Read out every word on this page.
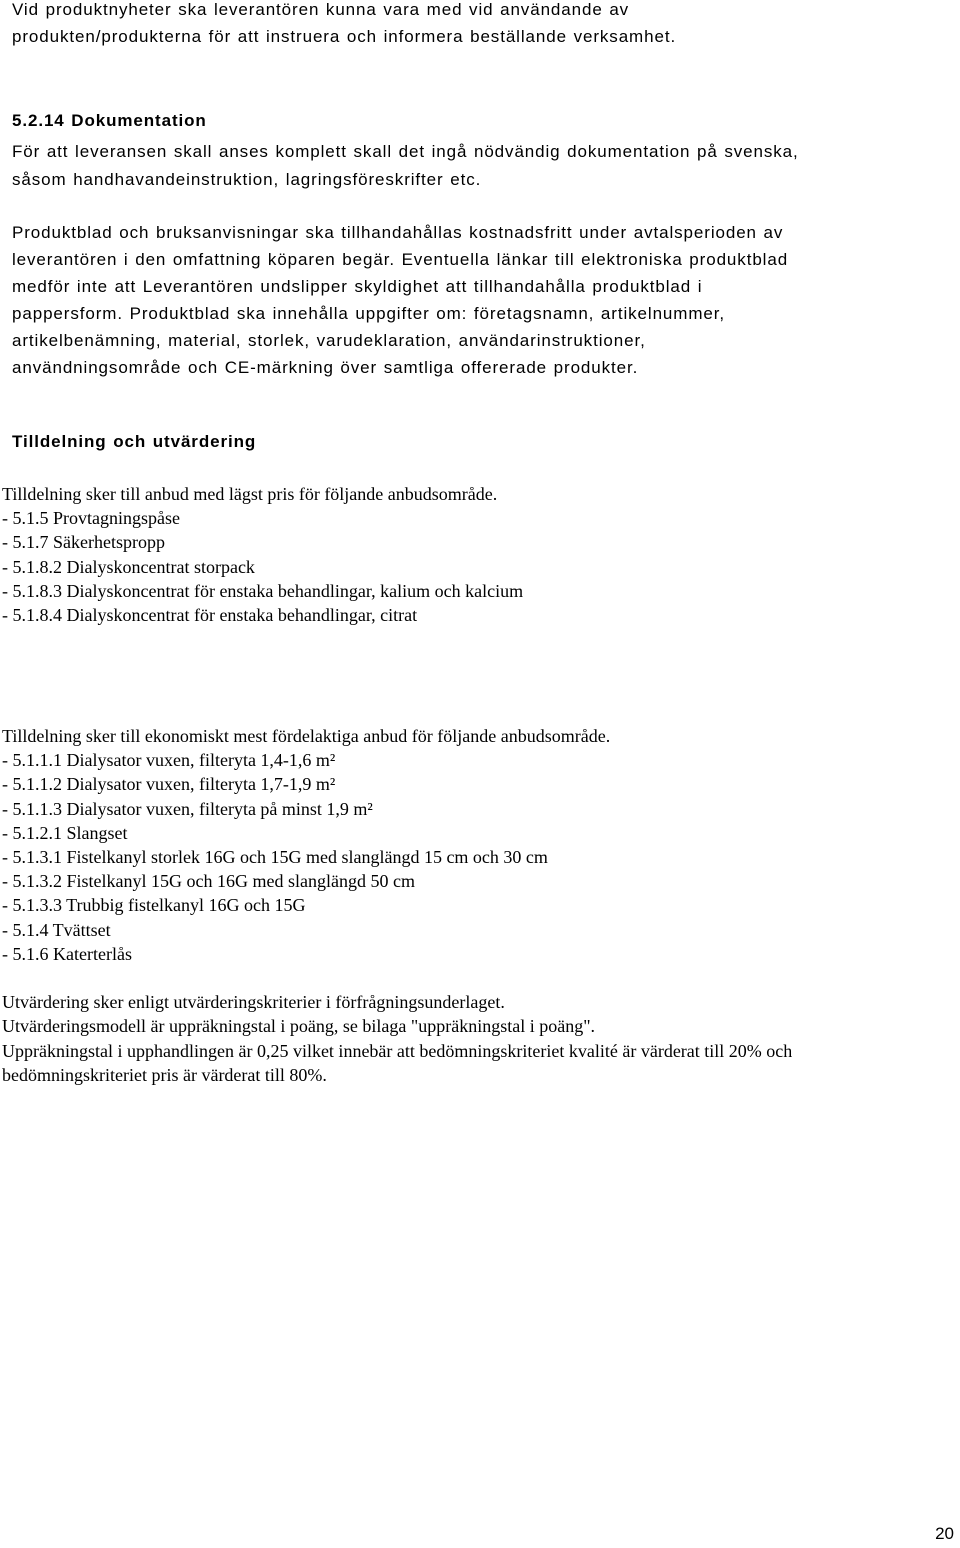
Vid produktnyheter ska leverantören kunna vara med vid användande av
produkten/produkterna för att instruera och informera beställande verksamhet.
5.2.14 Dokumentation
För att leveransen skall anses komplett skall det ingå nödvändig dokumentation på svenska,
såsom handhavandeinstruktion, lagringsföreskrifter etc.
Produktblad och bruksanvisningar ska tillhandahållas kostnadsfritt under avtalsperioden av
leverantören i den omfattning köparen begär. Eventuella länkar till elektroniska produktblad
medför inte att Leverantören undslipper skyldighet att tillhandahålla produktblad i
pappersform. Produktblad ska innehålla uppgifter om: företagsnamn, artikelnummer,
artikelbenämning, material, storlek, varudeklaration, användarinstruktioner,
användningsområde och CE-märkning över samtliga offererade produkter.
Tilldelning och utvärdering
Tilldelning sker till anbud med lägst pris för följande anbudsområde.
- 5.1.5 Provtagningspåse
- 5.1.7 Säkerhetspropp
- 5.1.8.2 Dialyskoncentrat storpack
- 5.1.8.3 Dialyskoncentrat för enstaka behandlingar, kalium och kalcium
- 5.1.8.4 Dialyskoncentrat för enstaka behandlingar, citrat
Tilldelning sker till ekonomiskt mest fördelaktiga anbud för följande anbudsområde.
- 5.1.1.1 Dialysator vuxen, filteryta 1,4-1,6 m²
- 5.1.1.2 Dialysator vuxen, filteryta 1,7-1,9 m²
- 5.1.1.3 Dialysator vuxen, filteryta på minst 1,9 m²
- 5.1.2.1 Slangset
- 5.1.3.1 Fistelkanyl storlek 16G och 15G med slanglängd 15 cm och 30 cm
- 5.1.3.2 Fistelkanyl 15G och 16G med slanglängd 50 cm
- 5.1.3.3 Trubbig fistelkanyl 16G och 15G
- 5.1.4 Tvättset
- 5.1.6 Katerterlås
Utvärdering sker enligt utvärderingskriterier i förfrågningsunderlaget.
Utvärderingsmodell är uppräkningstal i poäng, se bilaga "uppräkningstal i poäng".
Uppräkningstal i upphandlingen är 0,25 vilket innebär att bedömningskriteriet kvalité är värderat till 20% och
bedömningskriteriet pris är värderat till 80%.
20
